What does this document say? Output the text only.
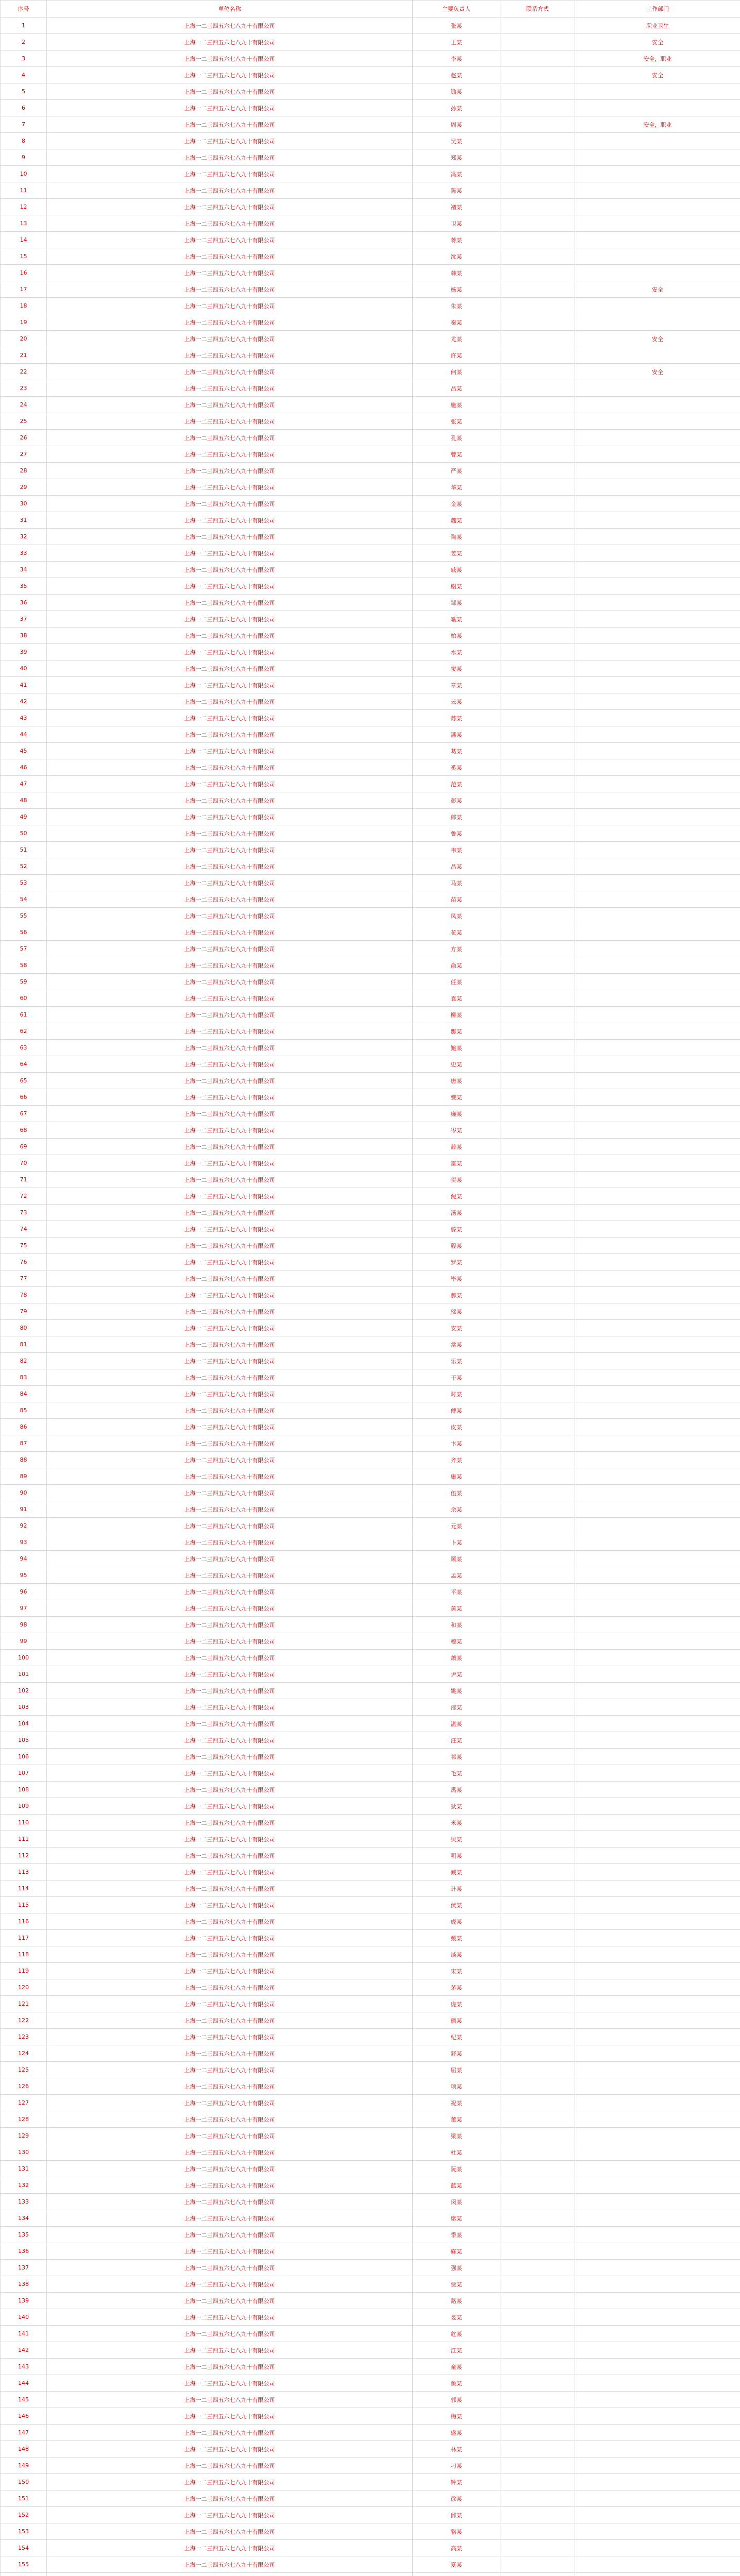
序号	单位名称	主要负责人	联系方式	工作部门
1	上海一二三四五六七八九十有限公司	张某		职业卫生
2	上海一二三四五六七八九十有限公司	王某		安全
3	上海一二三四五六七八九十有限公司	李某		安全，职业
4	上海一二三四五六七八九十有限公司	赵某		安全
5	上海一二三四五六七八九十有限公司	钱某		
6	上海一二三四五六七八九十有限公司	孙某		
7	上海一二三四五六七八九十有限公司	周某		安全，职业
8	上海一二三四五六七八九十有限公司	吴某		
9	上海一二三四五六七八九十有限公司	郑某		
10	上海一二三四五六七八九十有限公司	冯某		
11	上海一二三四五六七八九十有限公司	陈某		
12	上海一二三四五六七八九十有限公司	褚某		
13	上海一二三四五六七八九十有限公司	卫某		
14	上海一二三四五六七八九十有限公司	蒋某		
15	上海一二三四五六七八九十有限公司	沈某		
16	上海一二三四五六七八九十有限公司	韩某		
17	上海一二三四五六七八九十有限公司	杨某		安全
18	上海一二三四五六七八九十有限公司	朱某		
19	上海一二三四五六七八九十有限公司	秦某		
20	上海一二三四五六七八九十有限公司	尤某		安全
21	上海一二三四五六七八九十有限公司	许某		
22	上海一二三四五六七八九十有限公司	何某		安全
23	上海一二三四五六七八九十有限公司	吕某		
24	上海一二三四五六七八九十有限公司	施某		
25	上海一二三四五六七八九十有限公司	张某		
26	上海一二三四五六七八九十有限公司	孔某		
27	上海一二三四五六七八九十有限公司	曹某		
28	上海一二三四五六七八九十有限公司	严某		
29	上海一二三四五六七八九十有限公司	华某		
30	上海一二三四五六七八九十有限公司	金某		
31	上海一二三四五六七八九十有限公司	魏某		
32	上海一二三四五六七八九十有限公司	陶某		
33	上海一二三四五六七八九十有限公司	姜某		
34	上海一二三四五六七八九十有限公司	戚某		
35	上海一二三四五六七八九十有限公司	谢某		
36	上海一二三四五六七八九十有限公司	邹某		
37	上海一二三四五六七八九十有限公司	喻某		
38	上海一二三四五六七八九十有限公司	柏某		
39	上海一二三四五六七八九十有限公司	水某		
40	上海一二三四五六七八九十有限公司	窦某		
41	上海一二三四五六七八九十有限公司	章某		
42	上海一二三四五六七八九十有限公司	云某		
43	上海一二三四五六七八九十有限公司	苏某		
44	上海一二三四五六七八九十有限公司	潘某		
45	上海一二三四五六七八九十有限公司	葛某		
46	上海一二三四五六七八九十有限公司	奚某		
47	上海一二三四五六七八九十有限公司	范某		
48	上海一二三四五六七八九十有限公司	彭某		
49	上海一二三四五六七八九十有限公司	郎某		
50	上海一二三四五六七八九十有限公司	鲁某		
51	上海一二三四五六七八九十有限公司	韦某		
52	上海一二三四五六七八九十有限公司	昌某		
53	上海一二三四五六七八九十有限公司	马某		
54	上海一二三四五六七八九十有限公司	苗某		
55	上海一二三四五六七八九十有限公司	凤某		
56	上海一二三四五六七八九十有限公司	花某		
57	上海一二三四五六七八九十有限公司	方某		
58	上海一二三四五六七八九十有限公司	俞某		
59	上海一二三四五六七八九十有限公司	任某		
60	上海一二三四五六七八九十有限公司	袁某		
61	上海一二三四五六七八九十有限公司	柳某		
62	上海一二三四五六七八九十有限公司	酆某		
63	上海一二三四五六七八九十有限公司	鲍某		
64	上海一二三四五六七八九十有限公司	史某		
65	上海一二三四五六七八九十有限公司	唐某		
66	上海一二三四五六七八九十有限公司	费某		
67	上海一二三四五六七八九十有限公司	廉某		
68	上海一二三四五六七八九十有限公司	岑某		
69	上海一二三四五六七八九十有限公司	薛某		
70	上海一二三四五六七八九十有限公司	雷某		
71	上海一二三四五六七八九十有限公司	贺某		
72	上海一二三四五六七八九十有限公司	倪某		
73	上海一二三四五六七八九十有限公司	汤某		
74	上海一二三四五六七八九十有限公司	滕某		
75	上海一二三四五六七八九十有限公司	殷某		
76	上海一二三四五六七八九十有限公司	罗某		
77	上海一二三四五六七八九十有限公司	毕某		
78	上海一二三四五六七八九十有限公司	郝某		
79	上海一二三四五六七八九十有限公司	邬某		
80	上海一二三四五六七八九十有限公司	安某		
81	上海一二三四五六七八九十有限公司	常某		
82	上海一二三四五六七八九十有限公司	乐某		
83	上海一二三四五六七八九十有限公司	于某		
84	上海一二三四五六七八九十有限公司	时某		
85	上海一二三四五六七八九十有限公司	傅某		
86	上海一二三四五六七八九十有限公司	皮某		
87	上海一二三四五六七八九十有限公司	卞某		
88	上海一二三四五六七八九十有限公司	齐某		
89	上海一二三四五六七八九十有限公司	康某		
90	上海一二三四五六七八九十有限公司	伍某		
91	上海一二三四五六七八九十有限公司	余某		
92	上海一二三四五六七八九十有限公司	元某		
93	上海一二三四五六七八九十有限公司	卜某		
94	上海一二三四五六七八九十有限公司	顾某		
95	上海一二三四五六七八九十有限公司	孟某		
96	上海一二三四五六七八九十有限公司	平某		
97	上海一二三四五六七八九十有限公司	黄某		
98	上海一二三四五六七八九十有限公司	和某		
99	上海一二三四五六七八九十有限公司	穆某		
100	上海一二三四五六七八九十有限公司	萧某		
101	上海一二三四五六七八九十有限公司	尹某		
102	上海一二三四五六七八九十有限公司	姚某		
103	上海一二三四五六七八九十有限公司	邵某		
104	上海一二三四五六七八九十有限公司	湛某		
105	上海一二三四五六七八九十有限公司	汪某		
106	上海一二三四五六七八九十有限公司	祁某		
107	上海一二三四五六七八九十有限公司	毛某		
108	上海一二三四五六七八九十有限公司	禹某		
109	上海一二三四五六七八九十有限公司	狄某		
110	上海一二三四五六七八九十有限公司	米某		
111	上海一二三四五六七八九十有限公司	贝某		
112	上海一二三四五六七八九十有限公司	明某		
113	上海一二三四五六七八九十有限公司	臧某		
114	上海一二三四五六七八九十有限公司	计某		
115	上海一二三四五六七八九十有限公司	伏某		
116	上海一二三四五六七八九十有限公司	成某		
117	上海一二三四五六七八九十有限公司	戴某		
118	上海一二三四五六七八九十有限公司	谈某		
119	上海一二三四五六七八九十有限公司	宋某		
120	上海一二三四五六七八九十有限公司	茅某		
121	上海一二三四五六七八九十有限公司	庞某		
122	上海一二三四五六七八九十有限公司	熊某		
123	上海一二三四五六七八九十有限公司	纪某		
124	上海一二三四五六七八九十有限公司	舒某		
125	上海一二三四五六七八九十有限公司	屈某		
126	上海一二三四五六七八九十有限公司	项某		
127	上海一二三四五六七八九十有限公司	祝某		
128	上海一二三四五六七八九十有限公司	董某		
129	上海一二三四五六七八九十有限公司	梁某		
130	上海一二三四五六七八九十有限公司	杜某		
131	上海一二三四五六七八九十有限公司	阮某		
132	上海一二三四五六七八九十有限公司	蓝某		
133	上海一二三四五六七八九十有限公司	闵某		
134	上海一二三四五六七八九十有限公司	席某		
135	上海一二三四五六七八九十有限公司	季某		
136	上海一二三四五六七八九十有限公司	麻某		
137	上海一二三四五六七八九十有限公司	强某		
138	上海一二三四五六七八九十有限公司	贾某		
139	上海一二三四五六七八九十有限公司	路某		
140	上海一二三四五六七八九十有限公司	娄某		
141	上海一二三四五六七八九十有限公司	危某		
142	上海一二三四五六七八九十有限公司	江某		
143	上海一二三四五六七八九十有限公司	童某		
144	上海一二三四五六七八九十有限公司	颜某		
145	上海一二三四五六七八九十有限公司	郭某		
146	上海一二三四五六七八九十有限公司	梅某		
147	上海一二三四五六七八九十有限公司	盛某		
148	上海一二三四五六七八九十有限公司	林某		
149	上海一二三四五六七八九十有限公司	刁某		
150	上海一二三四五六七八九十有限公司	钟某		
151	上海一二三四五六七八九十有限公司	徐某		
152	上海一二三四五六七八九十有限公司	邱某		
153	上海一二三四五六七八九十有限公司	骆某		
154	上海一二三四五六七八九十有限公司	高某		
155	上海一二三四五六七八九十有限公司	夏某		
